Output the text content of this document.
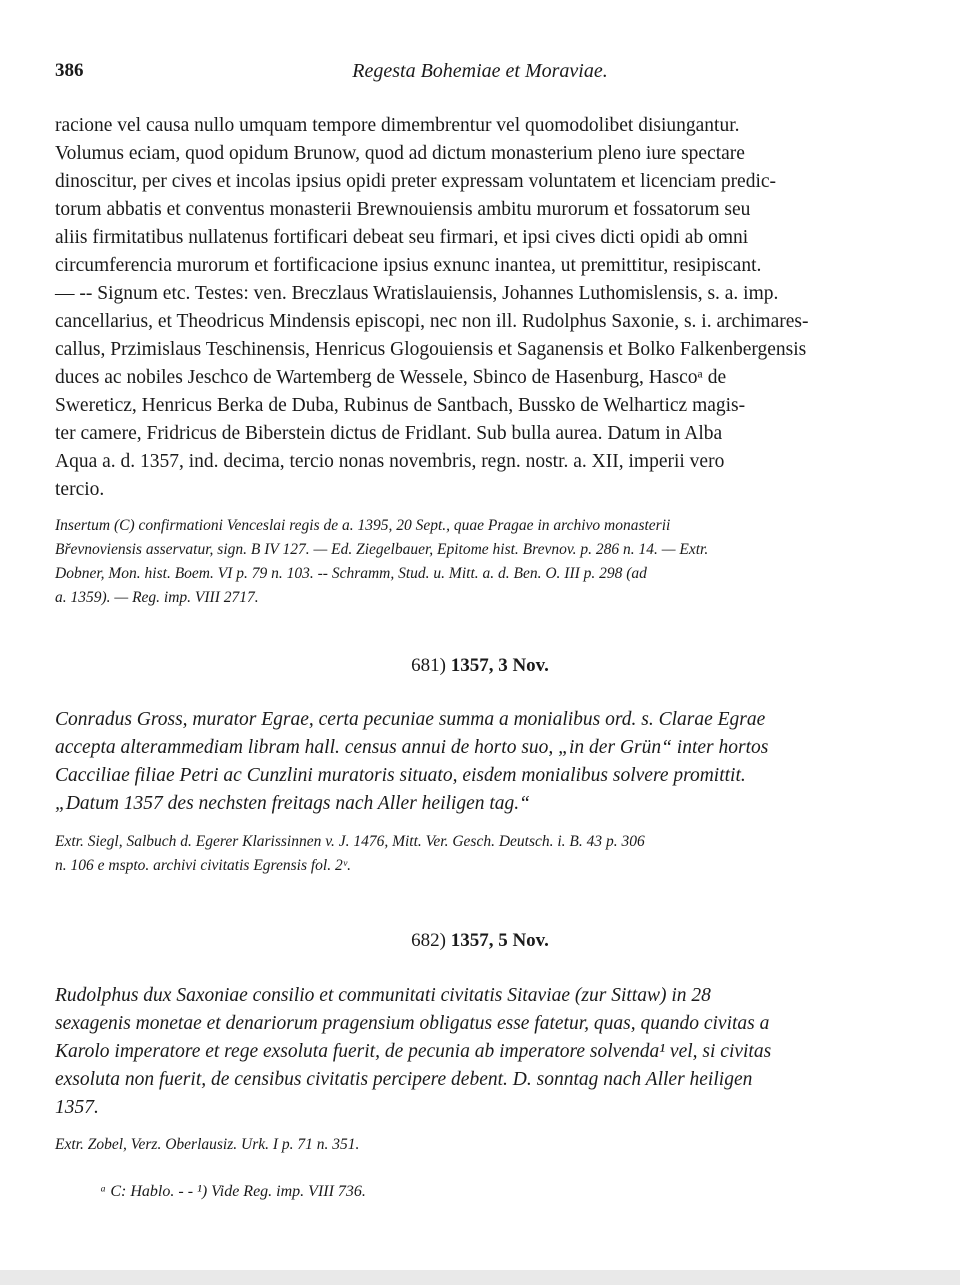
386	Regesta Bohemiae et Moraviae.
racione vel causa nullo umquam tempore dimembrentur vel quomodolibet disiungantur.
Volumus eciam, quod opidum Brunow, quod ad dictum monasterium pleno iure spectare
dinoscitur, per cives et incolas ipsius opidi preter expressam voluntatem et licenciam predic-
torum abbatis et conventus monasterii Brewnouiensis ambitu murorum et fossatorum seu
aliis firmitatibus nullatenus fortificari debeat seu firmari, et ipsi cives dicti opidi ab omni
circumferencia murorum et fortificacione ipsius exnunc inantea, ut premittitur, resipiscant.
— -- Signum etc. Testes: ven. Breczlaus Wratislauiensis, Johannes Luthomislensis, s. a. imp.
cancellarius, et Theodricus Mindensis episcopi, nec non ill. Rudolphus Saxonie, s. i. archimares-
callus, Przimislaus Teschinensis, Henricus Glogouiensis et Saganensis et Bolko Falkenbergensis
duces ac nobiles Jeschco de Wartemberg de Wessele, Sbinco de Hasenburg, Hascoᵃ de
Swereticz, Henricus Berka de Duba, Rubinus de Santbach, Bussko de Welharticz magis-
ter camere, Fridricus de Biberstein dictus de Fridlant. Sub bulla aurea. Datum in Alba
Aqua a. d. 1357, ind. decima, tercio nonas novembris, regn. nostr. a. XII, imperii vero
tercio.
Insertum (C) confirmationi Venceslai regis de a. 1395, 20 Sept., quae Pragae in archivo monasterii
Břevnoviensis asservatur, sign. B IV 127. — Ed. Ziegelbauer, Epitome hist. Brevnov. p. 286 n. 14. — Extr.
Dobner, Mon. hist. Boem. VI p. 79 n. 103. -- Schramm, Stud. u. Mitt. a. d. Ben. O. III p. 298 (ad
a. 1359). — Reg. imp. VIII 2717.
681) 1357, 3 Nov.
Conradus Gross, murator Egrae, certa pecuniae summa a monialibus ord. s. Clarae Egrae
accepta alterammediam libram hall. census annui de horto suo, „in der Grün“ inter hortos
Cacciliae filiae Petri ac Cunzlini muratoris situato, eisdem monialibus solvere promittit.
„Datum 1357 des nechsten freitags nach Aller heiligen tag.“
Extr. Siegl, Salbuch d. Egerer Klarissinnen v. J. 1476, Mitt. Ver. Gesch. Deutsch. i. B. 43 p. 306
n. 106 e mspto. archivi civitatis Egrensis fol. 2ᵛ.
682) 1357, 5 Nov.
Rudolphus dux Saxoniae consilio et communitati civitatis Sitaviae (zur Sittaw) in 28
sexagenis monetae et denariorum pragensium obligatus esse fatetur, quas, quando civitas a
Karolo imperatore et rege exsoluta fuerit, de pecunia ab imperatore solvenda¹ vel, si civitas
exsoluta non fuerit, de censibus civitatis percipere debent. D. sonntag nach Aller heiligen
1357.
Extr. Zobel, Verz. Oberlausiz. Urk. I p. 71 n. 351.
ᵃ C: Hablo. - - ¹) Vide Reg. imp. VIII 736.
